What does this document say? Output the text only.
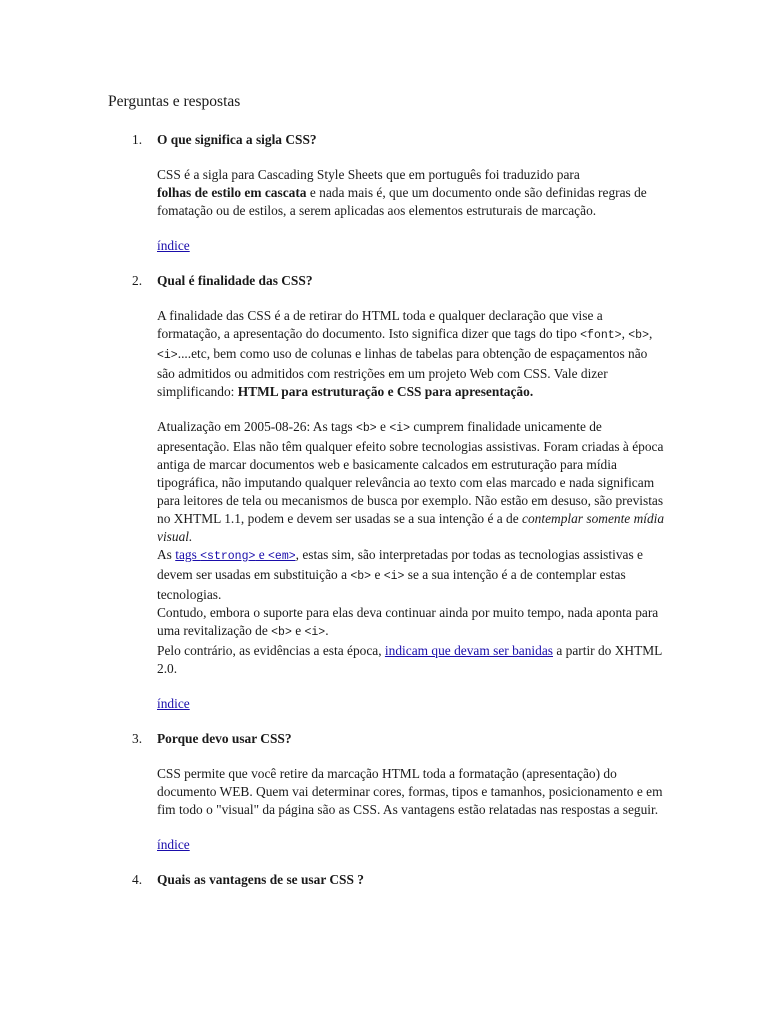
Perguntas e respostas
1.	O que significa a sigla CSS?

CSS é a sigla para Cascading Style Sheets que em português foi traduzido para
folhas de estilo em cascata e nada mais é, que um documento onde são definidas regras de fomatação ou de estilos, a serem aplicadas aos elementos estruturais de marcação.

índice
2.	Qual é finalidade das CSS?

A finalidade das CSS é a de retirar do HTML toda e qualquer declaração que vise a formatação, a apresentação do documento. Isto significa dizer que tags do tipo <font>, <b>, <i>....etc, bem como uso de colunas e linhas de tabelas para obtenção de espaçamentos não são admitidos ou admitidos com restrições em um projeto Web com CSS. Vale dizer simplificando: HTML para estruturação e CSS para apresentação.

Atualização em 2005-08-26: As tags <b> e <i> cumprem finalidade unicamente de apresentação. Elas não têm qualquer efeito sobre tecnologias assistivas. Foram criadas à época antiga de marcar documentos web e basicamente calcados em estruturação para mídia tipográfica, não imputando qualquer relevância ao texto com elas marcado e nada significam para leitores de tela ou mecanismos de busca por exemplo. Não estão em desuso, são previstas no XHTML 1.1, podem e devem ser usadas se a sua intenção é a de contemplar somente mídia visual.
As tags <strong> e <em>, estas sim, são interpretadas por todas as tecnologias assistivas e devem ser usadas em substituição a <b> e <i> se a sua intenção é a de contemplar estas tecnologias.
Contudo, embora o suporte para elas deva continuar ainda por muito tempo, nada aponta para uma revitalização de <b> e <i>.
Pelo contrário, as evidências a esta época, indicam que devam ser banidas a partir do XHTML 2.0.

índice
3.	Porque devo usar CSS?

CSS permite que você retire da marcação HTML toda a formatação (apresentação) do documento WEB. Quem vai determinar cores, formas, tipos e tamanhos, posicionamento e em fim todo o "visual" da página são as CSS. As vantagens estão relatadas nas respostas a seguir.

índice
4.	Quais as vantagens de se usar CSS ?
